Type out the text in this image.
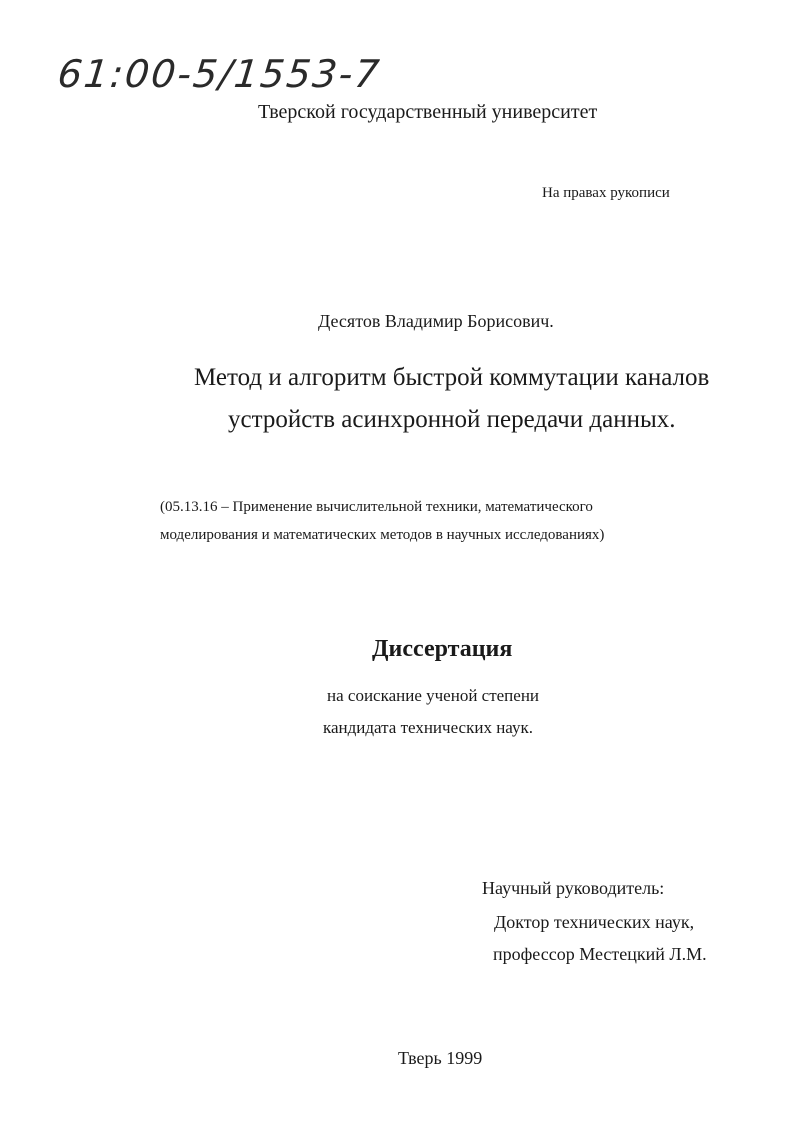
61:00-5/1553-7
Тверской государственный университет
На правах рукописи
Десятов Владимир Борисович.
Метод и алгоритм быстрой коммутации каналов
устройств асинхронной передачи данных.
(05.13.16 – Применение вычислительной техники, математического
моделирования и математических методов в научных исследованиях)
Диссертация
на соискание ученой степени
кандидата технических наук.
Научный руководитель:
Доктор технических наук,
профессор Местецкий Л.М.
Тверь 1999
